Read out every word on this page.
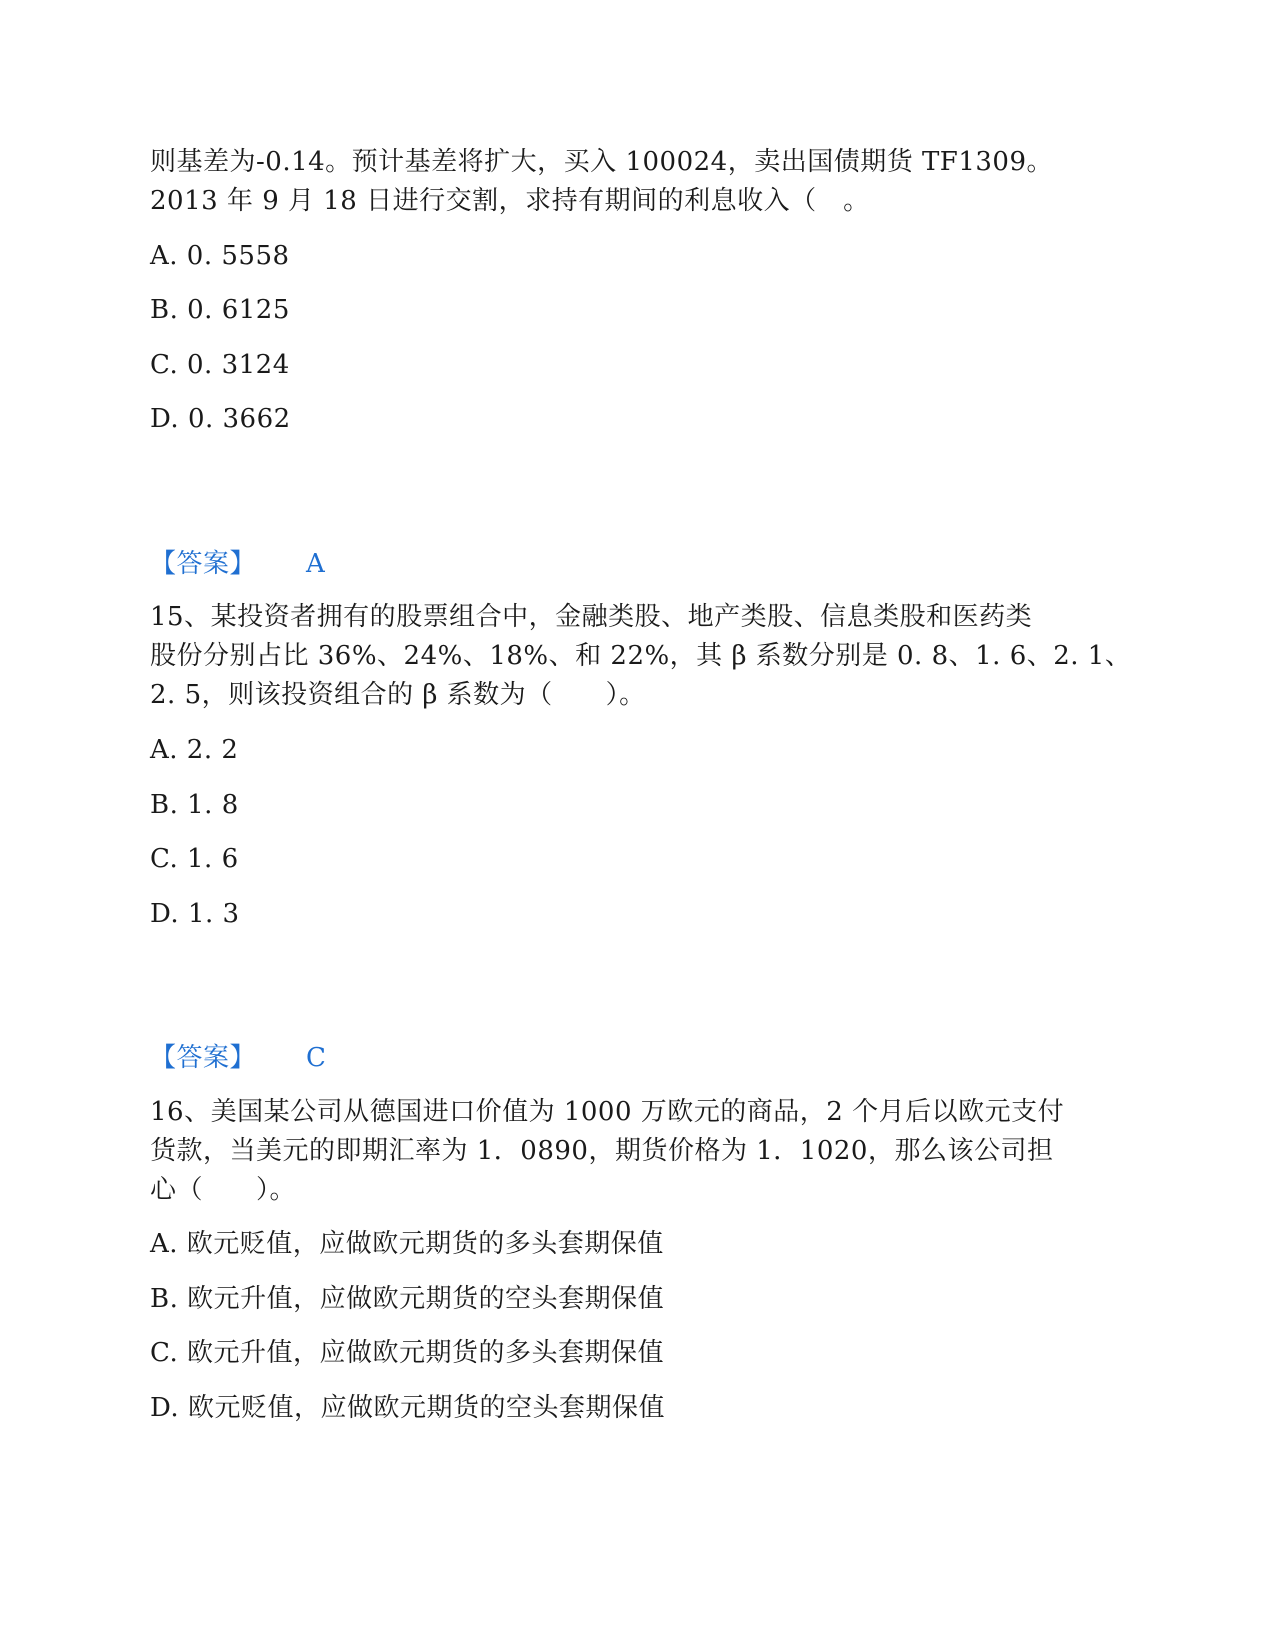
则基差为-0.14。预计基差将扩大，买入 100024，卖出国债期货 TF1309。
2013 年 9 月 18 日进行交割，求持有期间的利息收入（　。
A. 0. 5558
B. 0. 6125
C. 0. 3124
D. 0. 3662
【答案】 A
15、某投资者拥有的股票组合中，金融类股、地产类股、信息类股和医药类
股份分别占比 36%、24%、18%、和 22%，其 β 系数分别是 0. 8、1. 6、2. 1、
2. 5，则该投资组合的 β 系数为（　　）。
A. 2. 2
B. 1. 8
C. 1. 6
D. 1. 3
【答案】 C
16、美国某公司从德国进口价值为 1000 万欧元的商品，2 个月后以欧元支付
货款，当美元的即期汇率为 1．0890，期货价格为 1．1020，那么该公司担
心（　　）。
A. 欧元贬值，应做欧元期货的多头套期保值
B. 欧元升值，应做欧元期货的空头套期保值
C. 欧元升值，应做欧元期货的多头套期保值
D. 欧元贬值，应做欧元期货的空头套期保值
